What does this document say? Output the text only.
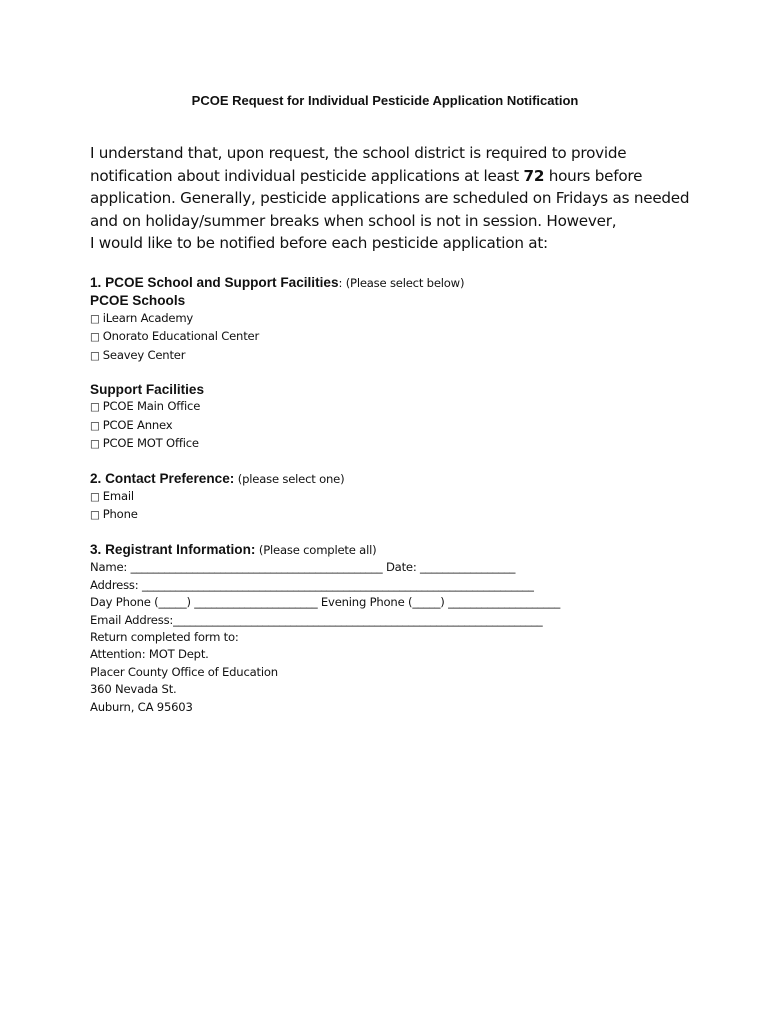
PCOE Request for Individual Pesticide Application Notification

I understand that, upon request, the school district is required to provide
notification about individual pesticide applications at least 72 hours before
application. Generally, pesticide applications are scheduled on Fridays as needed
and on holiday/summer breaks when school is not in session. However,
I would like to be notified before each pesticide application at:

1. PCOE School and Support Facilities: (Please select below)
PCOE Schools
□ iLearn Academy
□ Onorato Educational Center
□ Seavey Center
Support Facilities
□ PCOE Main Office
□ PCOE Annex
□ PCOE MOT Office
2. Contact Preference: (please select one)
□ Email
□ Phone
3. Registrant Information: (Please complete all)
Name: _____________________________________________ Date: _________________
Address: ______________________________________________________________________
Day Phone (_____) ______________________ Evening Phone (_____) ____________________
Email Address:__________________________________________________________________
Return completed form to:
Attention: MOT Dept.
Placer County Office of Education
360 Nevada St.
Auburn, CA 95603
